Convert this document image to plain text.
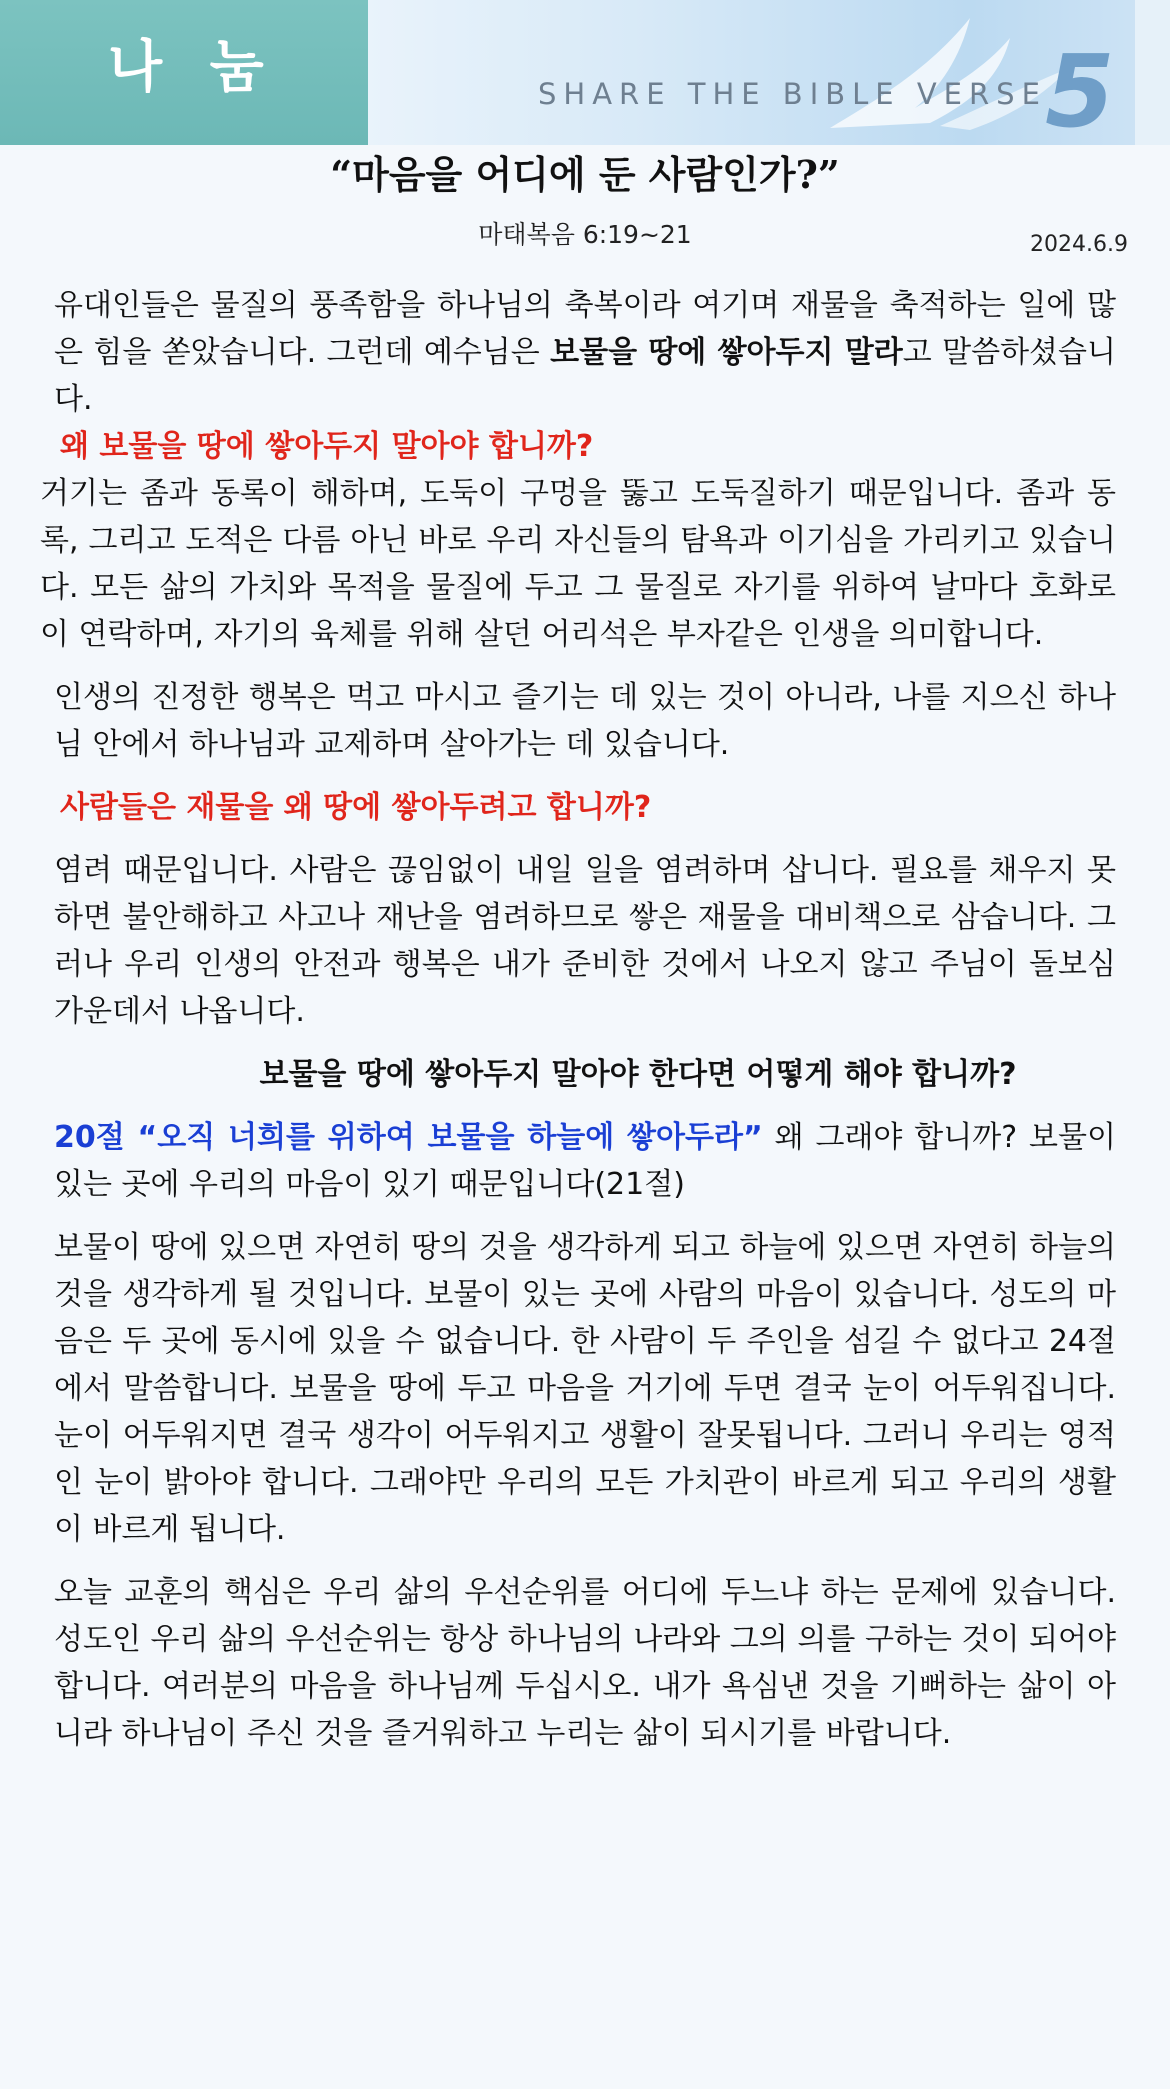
나 눔	SHARE THE BIBLE VERSE
5
“마음을 어디에 둔 사람인가?”
마태복음 6:19~21	2024.6.9

유대인들은 물질의 풍족함을 하나님의 축복이라 여기며 재물을 축적하는 일에 많은 힘을 쏟았습니다. 그런데 예수님은 보물을 땅에 쌓아두지 말라고 말씀하셨습니다.

왜 보물을 땅에 쌓아두지 말아야 합니까?

거기는 좀과 동록이 해하며, 도둑이 구멍을 뚫고 도둑질하기 때문입니다. 좀과 동록, 그리고 도적은 다름 아닌 바로 우리 자신들의 탐욕과 이기심을 가리키고 있습니다. 모든 삶의 가치와 목적을 물질에 두고 그 물질로 자기를 위하여 날마다 호화로이 연락하며, 자기의 육체를 위해 살던 어리석은 부자같은 인생을 의미합니다.

인생의 진정한 행복은 먹고 마시고 즐기는 데 있는 것이 아니라, 나를 지으신 하나님 안에서 하나님과 교제하며 살아가는 데 있습니다.

사람들은 재물을 왜 땅에 쌓아두려고 합니까?

염려 때문입니다. 사람은 끊임없이 내일 일을 염려하며 삽니다. 필요를 채우지 못하면 불안해하고 사고나 재난을 염려하므로 쌓은 재물을 대비책으로 삼습니다. 그러나 우리 인생의 안전과 행복은 내가 준비한 것에서 나오지 않고 주님이 돌보심 가운데서 나옵니다.

보물을 땅에 쌓아두지 말아야 한다면 어떻게 해야 합니까?

20절 “오직 너희를 위하여 보물을 하늘에 쌓아두라” 왜 그래야 합니까? 보물이 있는 곳에 우리의 마음이 있기 때문입니다(21절)

보물이 땅에 있으면 자연히 땅의 것을 생각하게 되고 하늘에 있으면 자연히 하늘의 것을 생각하게 될 것입니다. 보물이 있는 곳에 사람의 마음이 있습니다. 성도의 마음은 두 곳에 동시에 있을 수 없습니다. 한 사람이 두 주인을 섬길 수 없다고 24절에서 말씀합니다. 보물을 땅에 두고 마음을 거기에 두면 결국 눈이 어두워집니다. 눈이 어두워지면 결국 생각이 어두워지고 생활이 잘못됩니다. 그러니 우리는 영적인 눈이 밝아야 합니다. 그래야만 우리의 모든 가치관이 바르게 되고 우리의 생활이 바르게 됩니다.

오늘 교훈의 핵심은 우리 삶의 우선순위를 어디에 두느냐 하는 문제에 있습니다. 성도인 우리 삶의 우선순위는 항상 하나님의 나라와 그의 의를 구하는 것이 되어야 합니다. 여러분의 마음을 하나님께 두십시오. 내가 욕심낸 것을 기뻐하는 삶이 아니라 하나님이 주신 것을 즐거워하고 누리는 삶이 되시기를 바랍니다.
